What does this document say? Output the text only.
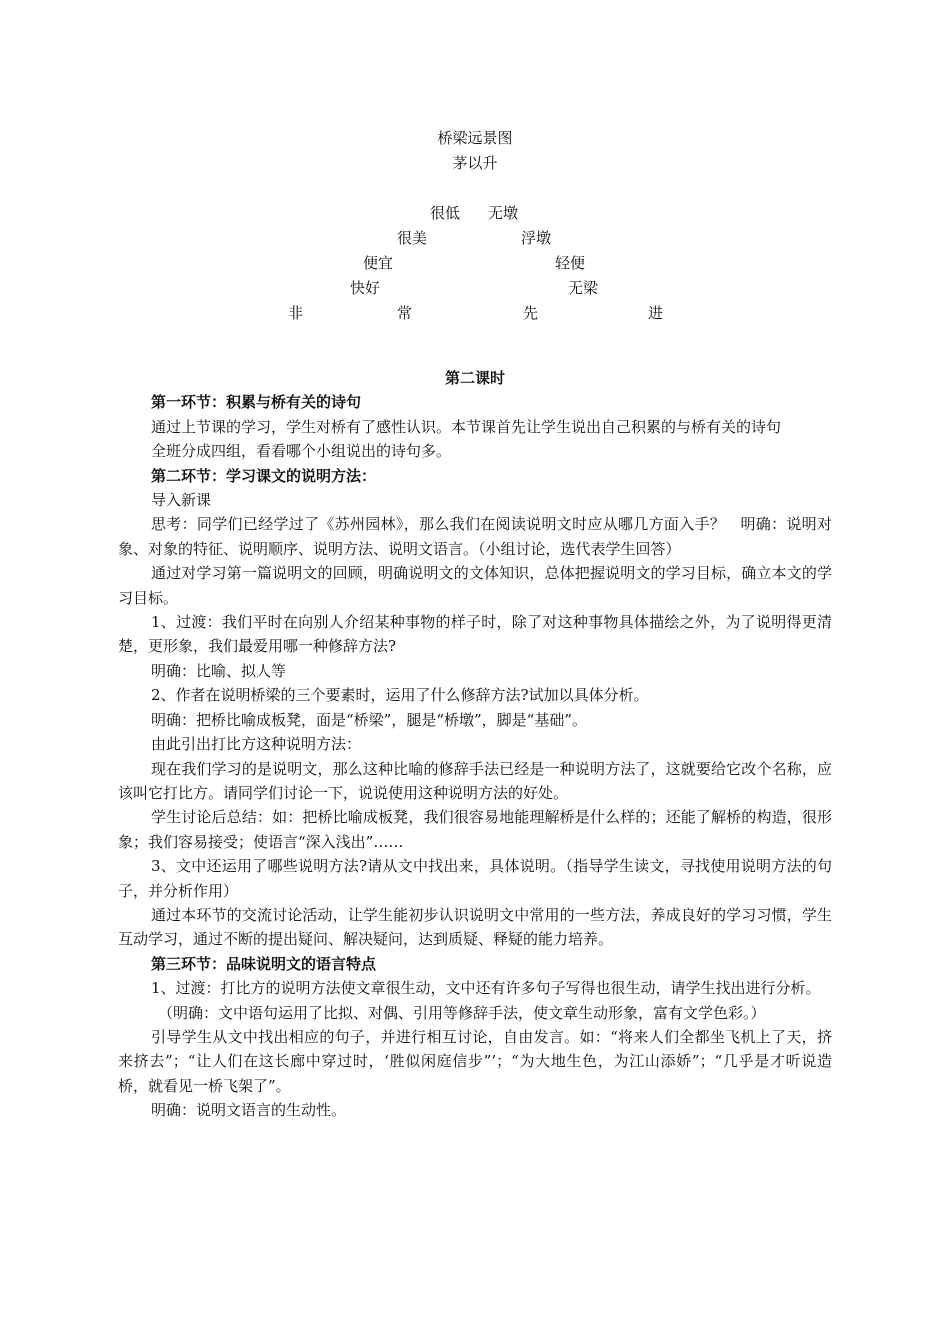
桥梁远景图
茅以升
很低 无墩
很美	浮墩
便宜	轻便
快好	无梁
非	常	先	进

第二课时

第一环节：积累与桥有关的诗句

通过上节课的学习，学生对桥有了感性认识。本节课首先让学生说出自己积累的与桥有关的诗句

全班分成四组，看看哪个小组说出的诗句多。

第二环节：学习课文的说明方法：

导入新课

思考：同学们已经学过了《苏州园林》，那么我们在阅读说明文时应从哪几方面入手？　明确：说明对象、对象的特征、说明顺序、说明方法、说明文语言。（小组讨论，选代表学生回答）

通过对学习第一篇说明文的回顾，明确说明文的文体知识，总体把握说明文的学习目标，确立本文的学习目标。

1、过渡：我们平时在向别人介绍某种事物的样子时，除了对这种事物具体描绘之外，为了说明得更清楚，更形象，我们最爱用哪一种修辞方法?

明确：比喻、拟人等

2、作者在说明桥梁的三个要素时，运用了什么修辞方法?试加以具体分析。

明确：把桥比喻成板凳，面是“桥梁”，腿是“桥墩”，脚是“基础”。

由此引出打比方这种说明方法：

现在我们学习的是说明文，那么这种比喻的修辞手法已经是一种说明方法了，这就要给它改个名称，应该叫它打比方。请同学们讨论一下，说说使用这种说明方法的好处。

学生讨论后总结：如：把桥比喻成板凳，我们很容易地能理解桥是什么样的；还能了解桥的构造，很形象；我们容易接受；使语言“深入浅出”……

3、文中还运用了哪些说明方法?请从文中找出来，具体说明。（指导学生读文，寻找使用说明方法的句子，并分析作用）

通过本环节的交流讨论活动，让学生能初步认识说明文中常用的一些方法，养成良好的学习习惯，学生互动学习，通过不断的提出疑问、解决疑问，达到质疑、释疑的能力培养。

第三环节：品味说明文的语言特点

1、过渡：打比方的说明方法使文章很生动，文中还有许多句子写得也很生动，请学生找出进行分析。

（明确：文中语句运用了比拟、对偶、引用等修辞手法，使文章生动形象，富有文学色彩。）

引导学生从文中找出相应的句子，并进行相互讨论，自由发言。如：“将来人们全都坐飞机上了天，挤来挤去”；“让人们在这长廊中穿过时，‘胜似闲庭信步”’；“为大地生色，为江山添娇”；“几乎是才听说造桥，就看见一桥飞架了”。

明确：说明文语言的生动性。
